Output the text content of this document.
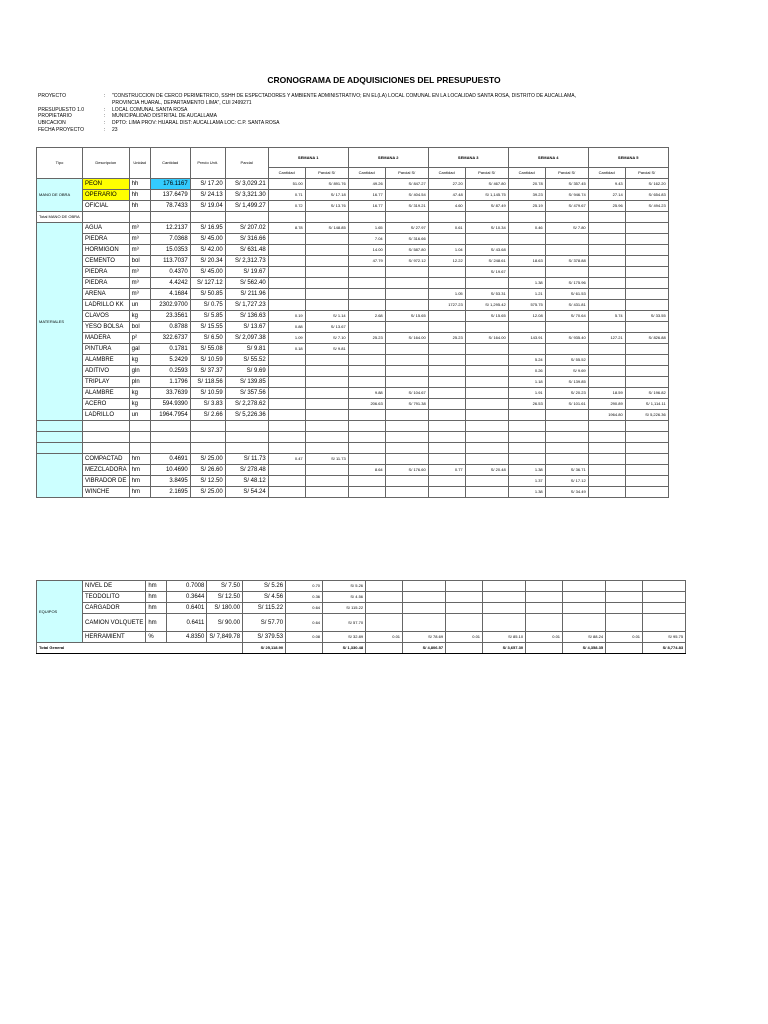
CRONOGRAMA DE ADQUISICIONES DEL PRESUPUESTO
PROYECTO	:	"CONSTRUCCION DE CERCO PERIMETRICO, SSHH DE ESPECTADORES Y AMBIENTE ADMINISTRATIVO; EN EL(LA) LOCAL COMUNAL EN LA LOCALIDAD SANTA ROSA, DISTRITO DE AUCALLAMA, PROVINCIA HUARAL, DEPARTAMENTO LIMA", CUI 2499271
PRESUPUESTO 1.0	:	LOCAL COMUNAL SANTA ROSA
PROPIETARIO	:	MUNICIPALIDAD DISTRITAL DE AUCALLAMA
UBICACION	:	DPTO: LIMA PROV: HUARAL DIST: AUCALLAMA LOC: C.P. SANTA ROSA
FECHA PROYECTO	:	23
Tipo	Descripcion	Unidad	Cantidad	Precio Unit.	Parcial	SEMANA 1		SEMANA 2		SEMANA 3		SEMANA 4		SEMANA 5	
						Cantidad	Parcial S/	Cantidad	Parcial S/	Cantidad	Parcial S/	Cantidad	Parcial S/	Cantidad	Parcial S/
MANO DE OBRA	PEON	hh	176.1167	S/ 17.20	S/ 3,029.21	51.00	S/ 891.76	49.26	S/ 847.27	27.20	S/ 467.80	20.78	S/ 357.45	9.43	S/ 162.20
	OPERARIO	hh	137.6479	S/ 24.13	S/ 3,321.30	0.71	S/ 17.18	16.77	S/ 404.54	47.48	S/ 1,145.75	39.23	S/ 946.74	27.14	S/ 654.83
	OFICIAL	hh	78.7433	S/ 19.04	S/ 1,499.27	0.72	S/ 13.76	16.77	S/ 319.21	4.60	S/ 87.49	25.19	S/ 479.67	25.96	S/ 494.23
Total MANO DE OBRA															
MATERIALES	AGUA	m³	12.2137	S/ 16.95	S/ 207.02	8.78	S/ 148.85	1.65	S/ 27.97	0.61	S/ 10.34	0.46	S/ 7.80		
	PIEDRA	m³	7.0368	S/ 45.00	S/ 316.66			7.04	S/ 316.66						
	HORMIGON	m³	15.0353	S/ 42.00	S/ 631.48			14.00	S/ 587.80	1.04	S/ 43.68				
	CEMENTO	bol	113.7037	S/ 20.34	S/ 2,312.73			47.79	S/ 972.12	12.22	S/ 248.61	18.63	S/ 378.88		
	PIEDRA	m³	0.4370	S/ 45.00	S/ 19.67						S/ 19.67				
	PIEDRA	m³	4.4242	S/ 127.12	S/ 562.40							1.38	S/ 175.96		
	ARENA	m³	4.1684	S/ 50.85	S/ 211.96					1.05	S/ 53.31	1.21	S/ 61.53		
	LADRILLO KK	un	2302.9700	S/ 0.75	S/ 1,727.23					1727.23	S/ 1,295.42	575.75	S/ 431.81		
	CLAVOS	kg	23.3561	S/ 5.85	S/ 136.63	0.19	S/ 1.14	2.68	S/ 15.65		S/ 15.65	12.08	S/ 70.64	5.74	S/ 33.55
	YESO BOLSA	bol	0.8788	S/ 15.55	S/ 13.67	0.88	S/ 13.67								
	MADERA	p²	322.6737	S/ 6.50	S/ 2,097.38	1.09	S/ 7.10	25.23	S/ 164.00	25.23	S/ 164.00	143.91	S/ 935.40	127.21	S/ 826.88
	PINTURA	gal	0.1781	S/ 55.08	S/ 9.81	0.18	S/ 9.81								
	ALAMBRE	kg	5.2429	S/ 10.59	S/ 55.52							5.24	S/ 55.52		
	ADITIVO	gln	0.2593	S/ 37.37	S/ 9.69							0.26	S/ 9.69		
	TRIPLAY	pln	1.1796	S/ 118.56	S/ 139.85							1.18	S/ 139.85		
	ALAMBRE	kg	33.7639	S/ 10.59	S/ 357.56			9.88	S/ 104.67			1.91	S/ 20.23	18.59	S/ 196.82
	ACERO	kg	594.9390	S/ 3.83	S/ 2,278.62			206.63	S/ 791.38			26.53	S/ 101.61	290.89	S/ 1,114.11
	LADRILLO	un	1964.7954	S/ 2.66	S/ 5,226.36									1964.80	S/ 5,226.36

	COMPACTAD	hm	0.4691	S/ 25.00	S/ 11.73	0.47	S/ 11.73								
	MEZCLADORA	hm	10.4690	S/ 26.60	S/ 278.48			8.64	S/ 176.60	0.77	S/ 20.48	1.38	S/ 36.71		
	VIBRADOR DE	hm	3.8495	S/ 12.50	S/ 48.12							1.37	S/ 17.12		
	WINCHE	hm	2.1695	S/ 25.00	S/ 54.24							1.38	S/ 34.49		
EQUIPOS	NIVEL DE	hm	0.7008	S/ 7.50	S/ 5.26	0.70	S/ 5.26								
	TEODOLITO	hm	0.3644	S/ 12.50	S/ 4.56	0.36	S/ 4.56								
	CARGADOR	hm	0.6401	S/ 180.00	S/ 115.22	0.64	S/ 115.22								
	CAMION VOLQUETE	hm	0.6411	S/ 90.00	S/ 57.70	0.64	S/ 57.70								
	HERRAMIENT	%	4.8350	S/ 7,849.78	S/ 379.53	0.08	S/ 32.89	0.01	S/ 78.69	0.01	S/ 85.10	0.01	S/ 88.24	0.01	S/ 95.75
Total General					S/ 25,118.90		S/ 1,330.48		S/ 4,806.57		S/ 3,657.30		S/ 4,358.35		S/ 8,774.83
